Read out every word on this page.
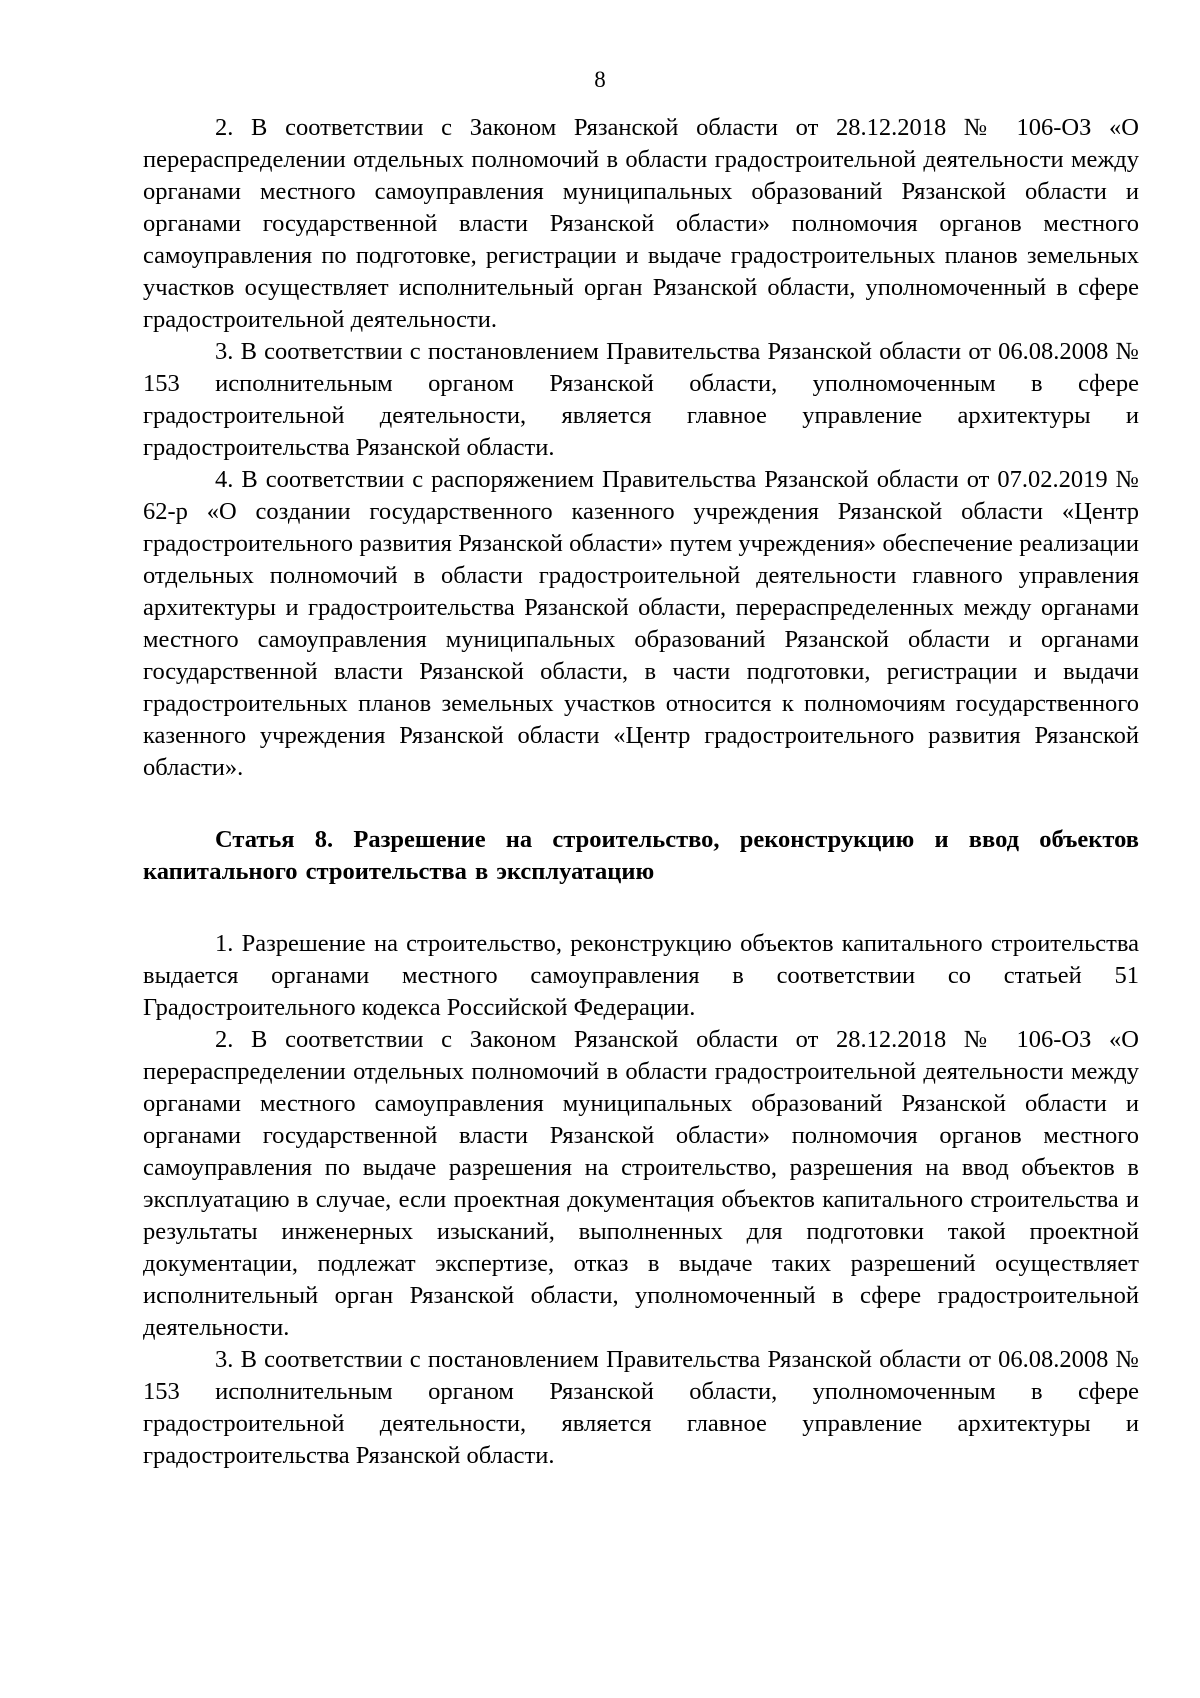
8

2. В соответствии с Законом Рязанской области от 28.12.2018 № 106-ОЗ «О перераспределении отдельных полномочий в области градостроительной деятельности между органами местного самоуправления муниципальных образований Рязанской области и органами государственной власти Рязанской области» полномочия органов местного самоуправления по подготовке, регистрации и выдаче градостроительных планов земельных участков осуществляет исполнительный орган Рязанской области, уполномоченный в сфере градостроительной деятельности.

3. В соответствии с постановлением Правительства Рязанской области от 06.08.2008 № 153 исполнительным органом Рязанской области, уполномоченным в сфере градостроительной деятельности, является главное управление архитектуры и градостроительства Рязанской области.

4. В соответствии с распоряжением Правительства Рязанской области от 07.02.2019 № 62-р «О создании государственного казенного учреждения Рязанской области «Центр градостроительного развития Рязанской области» путем учреждения» обеспечение реализации отдельных полномочий в области градостроительной деятельности главного управления архитектуры и градостроительства Рязанской области, перераспределенных между органами местного самоуправления муниципальных образований Рязанской области и органами государственной власти Рязанской области, в части подготовки, регистрации и выдачи градостроительных планов земельных участков относится к полномочиям государственного казенного учреждения Рязанской области «Центр градостроительного развития Рязанской области».

Статья 8. Разрешение на строительство, реконструкцию и ввод объектов капитального строительства в эксплуатацию

1. Разрешение на строительство, реконструкцию объектов капитального строительства выдается органами местного самоуправления в соответствии со статьей 51 Градостроительного кодекса Российской Федерации.

2. В соответствии с Законом Рязанской области от 28.12.2018 № 106-ОЗ «О перераспределении отдельных полномочий в области градостроительной деятельности между органами местного самоуправления муниципальных образований Рязанской области и органами государственной власти Рязанской области» полномочия органов местного самоуправления по выдаче разрешения на строительство, разрешения на ввод объектов в эксплуатацию в случае, если проектная документация объектов капитального строительства и результаты инженерных изысканий, выполненных для подготовки такой проектной документации, подлежат экспертизе, отказ в выдаче таких разрешений осуществляет исполнительный орган Рязанской области, уполномоченный в сфере градостроительной деятельности.

3. В соответствии с постановлением Правительства Рязанской области от 06.08.2008 № 153 исполнительным органом Рязанской области, уполномоченным в сфере градостроительной деятельности, является главное управление архитектуры и градостроительства Рязанской области.
